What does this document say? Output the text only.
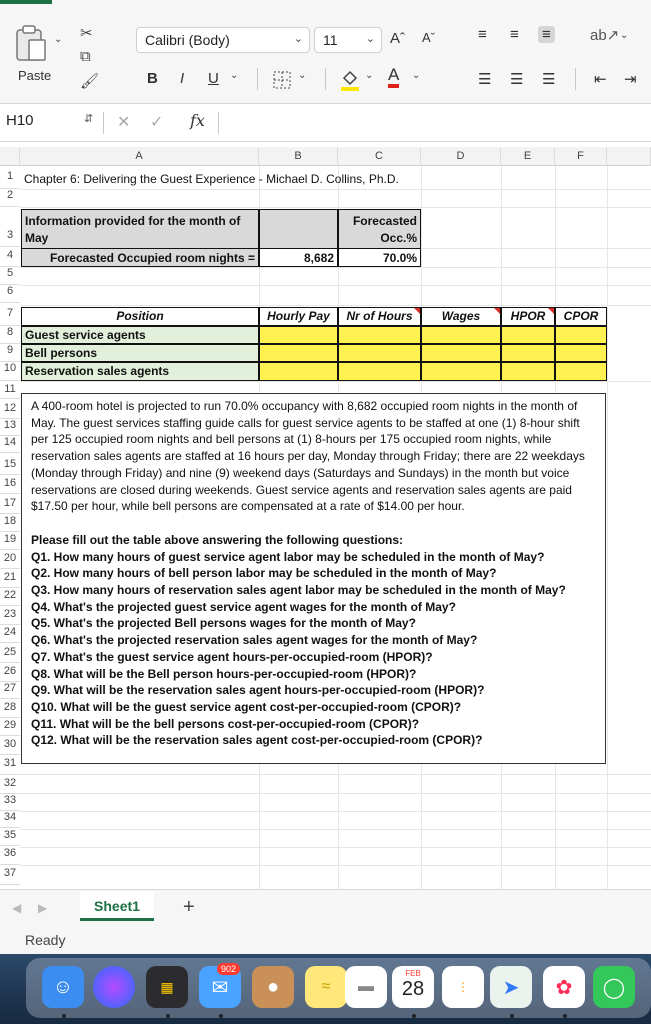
⌄
Paste
✂
⧉
🖌
Calibri (Body)	⌄	11	⌄ Aˆ Aˇ
B I U ⌄	⌄	⌄ A ⌄
≡ ≡ ≡	ab↗ ⌄
☰ ☰ ☰	⇤ ⇥
H10	⇵ ✕ ✓ fx
A	B	C	D	E	F
1
2
3
4
5
6
7
8
9
10
11
12
13
14
15
16
17
18
19
20
21
22
23
24
25
26
27
28
29
30
31
32
33
34
35
36
37
Chapter 6: Delivering the Guest Experience - Michael D. Collins, Ph.D.
Information provided for the month of
May
Forecasted
Occ.%
Forecasted Occupied room nights =	8,682	70.0%
Position	Hourly Pay	Nr of Hours	Wages	HPOR	CPOR
Guest service agents
Bell persons
Reservation sales agents

A 400-room hotel is projected to run 70.0% occupancy with 8,682 occupied room nights in the month of May. The guest services staffing guide calls for guest service agents to be staffed at one (1) 8-hour shift per 125 occupied room nights and bell persons at (1) 8-hours per 175 occupied room nights, while reservation sales agents are staffed at 16 hours per day, Monday through Friday; there are 22 weekdays (Monday through Friday) and nine (9) weekend days (Saturdays and Sundays) in the month but voice reservations are closed during weekends. Guest service agents and reservation sales agents are paid $17.50 per hour, while bell persons are compensated at a rate of $14.00 per hour.

Please fill out the table above answering the following questions:

Q1. How many hours of guest service agent labor may be scheduled in the month of May?
Q2. How many hours of bell person labor may be scheduled in the month of May?
Q3. How many hours of reservation sales agent labor may be scheduled in the month of May?
Q4. What's the projected guest service agent wages for the month of May?
Q5. What's the projected Bell persons wages for the month of May?
Q6. What's the projected reservation sales agent wages for the month of May?
Q7. What's the guest service agent hours-per-occupied-room (HPOR)?
Q8. What will be the Bell person hours-per-occupied-room (HPOR)?
Q9. What will be the reservation sales agent hours-per-occupied-room (HPOR)?
Q10. What will be the guest service agent cost-per-occupied-room (CPOR)?
Q11. What will be the bell persons cost-per-occupied-room (CPOR)?
Q12. What will be the reservation sales agent cost-per-occupied-room (CPOR)?
◀ ▶	Sheet1	+
Ready
☺	▦	✉
902
●	≈	▬
FEB
28	⋮	➤	✿	◯
